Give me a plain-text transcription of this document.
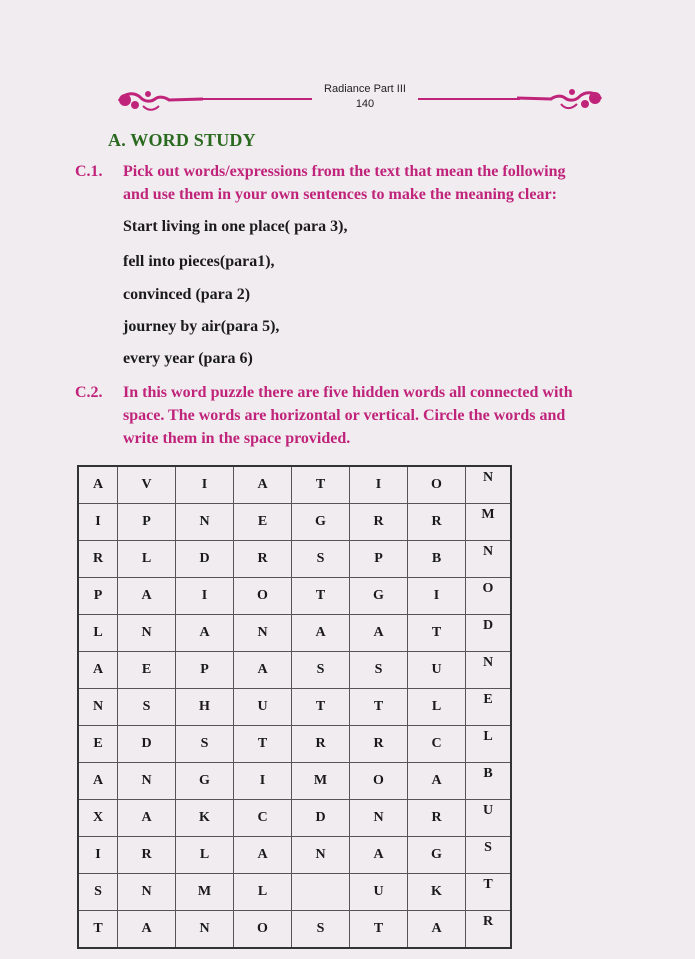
Radiance Part III
140
A. WORD STUDY
C.1. Pick out words/expressions from the text that mean the following
and use them in your own sentences to make the meaning clear:
Start living in one place( para 3),
fell into pieces(para1),
convinced (para 2)
journey by air(para 5),
every year (para 6)
C.2. In this word puzzle there are five hidden words all connected with
space. The words are horizontal or vertical. Circle the words and
write them in the space provided.
A	V	I	A	T	I	O	N
I	P	N	E	G	R	R	M
R	L	D	R	S	P	B	N
P	A	I	O	T	G	I	O
L	N	A	N	A	A	T	D
A	E	P	A	S	S	U	N
N	S	H	U	T	T	L	E
E	D	S	T	R	R	C	L
A	N	G	I	M	O	A	B
X	A	K	C	D	N	R	U
I	R	L	A	N	A	G	S
S	N	M	L		U	K	T
T	A	N	O	S	T	A	R
